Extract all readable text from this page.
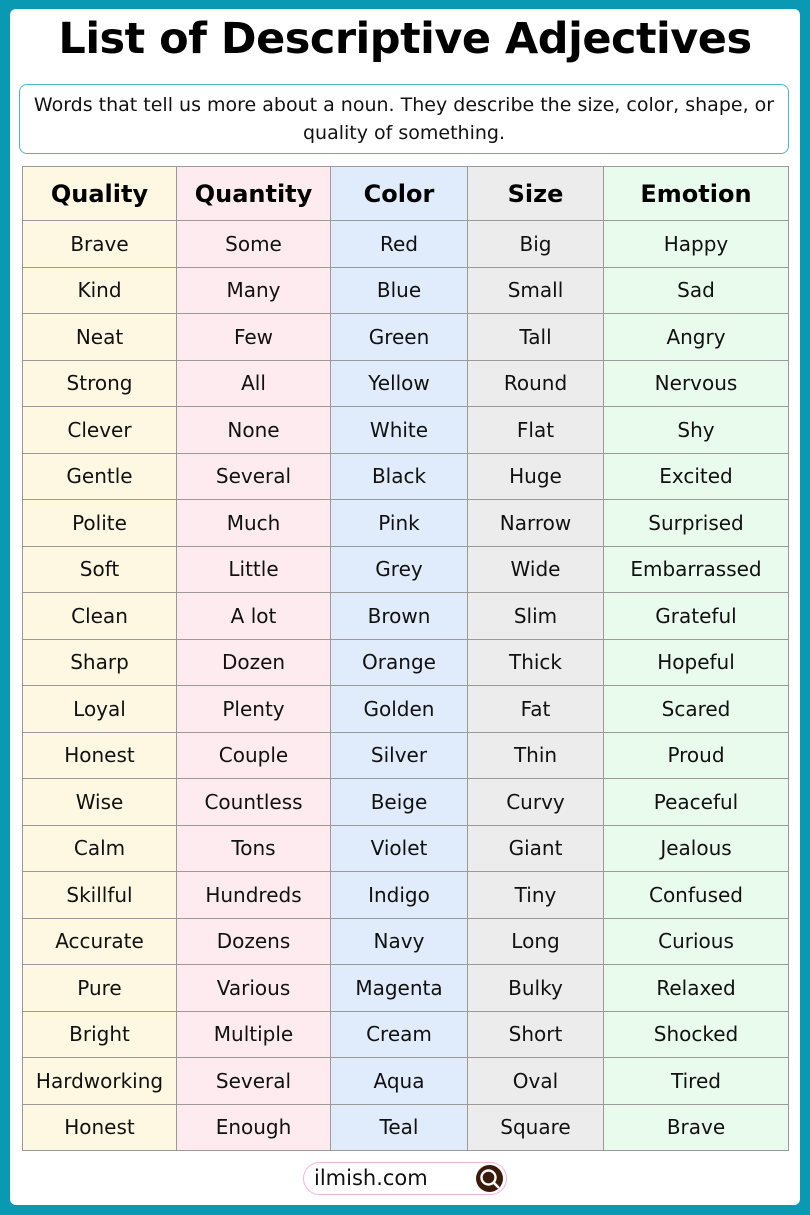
List of Descriptive Adjectives
Words that tell us more about a noun. They describe the size, color, shape, or quality of something.
Quality	Quantity	Color	Size	Emotion
Brave	Some	Red	Big	Happy
Kind	Many	Blue	Small	Sad
Neat	Few	Green	Tall	Angry
Strong	All	Yellow	Round	Nervous
Clever	None	White	Flat	Shy
Gentle	Several	Black	Huge	Excited
Polite	Much	Pink	Narrow	Surprised
Soft	Little	Grey	Wide	Embarrassed
Clean	A lot	Brown	Slim	Grateful
Sharp	Dozen	Orange	Thick	Hopeful
Loyal	Plenty	Golden	Fat	Scared
Honest	Couple	Silver	Thin	Proud
Wise	Countless	Beige	Curvy	Peaceful
Calm	Tons	Violet	Giant	Jealous
Skillful	Hundreds	Indigo	Tiny	Confused
Accurate	Dozens	Navy	Long	Curious
Pure	Various	Magenta	Bulky	Relaxed
Bright	Multiple	Cream	Short	Shocked
Hardworking	Several	Aqua	Oval	Tired
Honest	Enough	Teal	Square	Brave
ilmish.com
